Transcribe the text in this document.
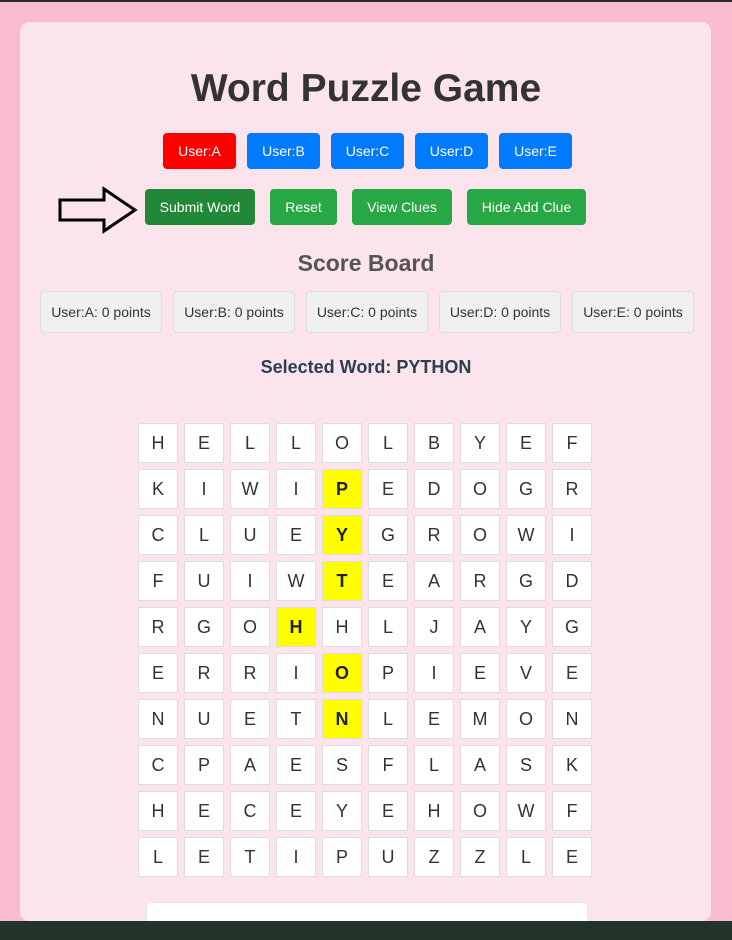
Word Puzzle Game
User:A	User:B	User:C	User:D	User:E
Submit Word	Reset	View Clues	Hide Add Clue
Score Board
User:A: 0 points	User:B: 0 points	User:C: 0 points	User:D: 0 points	User:E: 0 points
Selected Word: PYTHON
H	E	L	L	O	L	B	Y	E	F
K	I	W	I	P	E	D	O	G	R
C	L	U	E	Y	G	R	O	W	I
F	U	I	W	T	E	A	R	G	D
R	G	O	H	H	L	J	A	Y	G
E	R	R	I	O	P	I	E	V	E
N	U	E	T	N	L	E	M	O	N
C	P	A	E	S	F	L	A	S	K
H	E	C	E	Y	E	H	O	W	F
L	E	T	I	P	U	Z	Z	L	E
